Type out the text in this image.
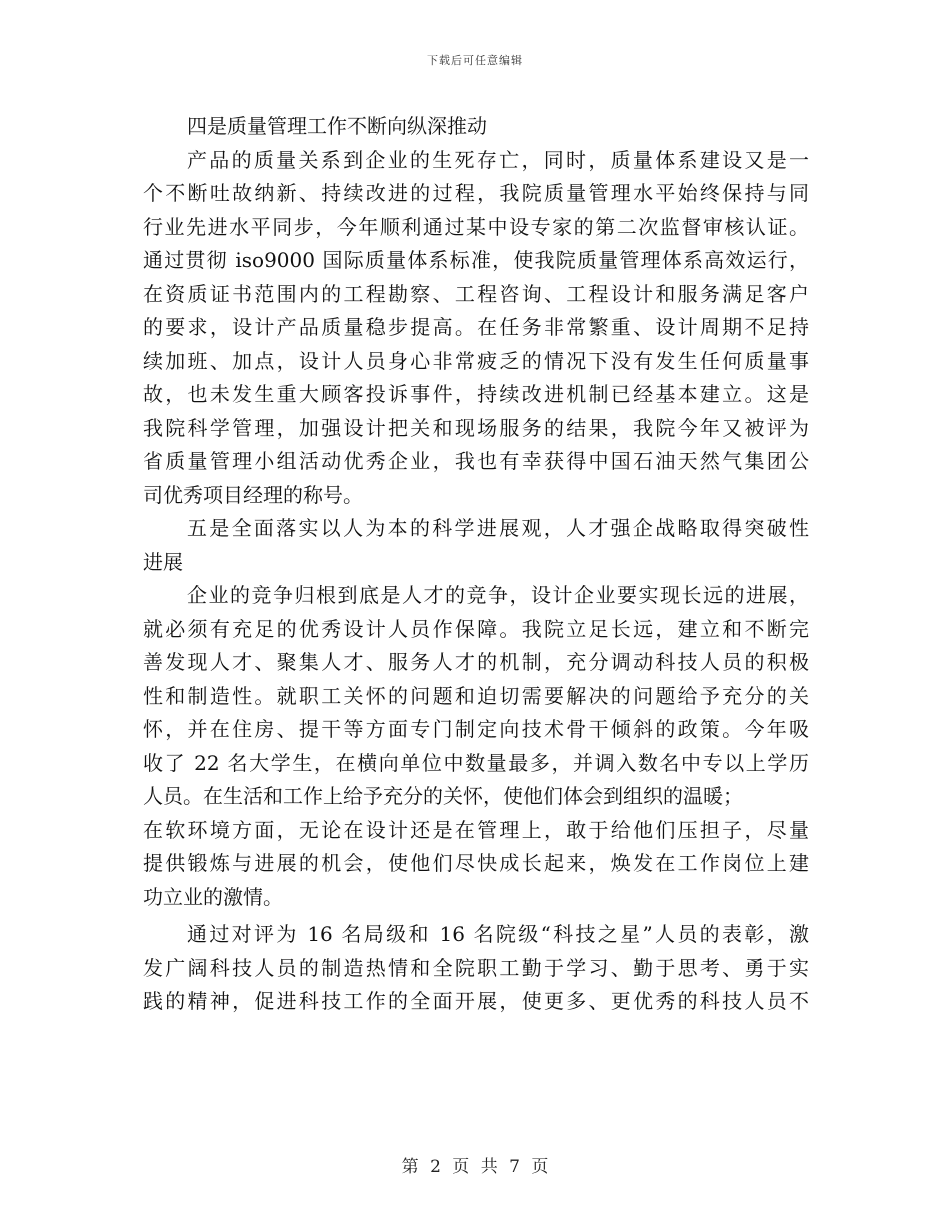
下载后可任意编辑
四是质量管理工作不断向纵深推动
产品的质量关系到企业的生死存亡，同时，质量体系建设又是一
个不断吐故纳新、持续改进的过程，我院质量管理水平始终保持与同
行业先进水平同步，今年顺利通过某中设专家的第二次监督审核认证。
通过贯彻 iso9000 国际质量体系标准，使我院质量管理体系高效运行，
在资质证书范围内的工程勘察、工程咨询、工程设计和服务满足客户
的要求，设计产品质量稳步提高。在任务非常繁重、设计周期不足持
续加班、加点，设计人员身心非常疲乏的情况下没有发生任何质量事
故，也未发生重大顾客投诉事件，持续改进机制已经基本建立。这是
我院科学管理，加强设计把关和现场服务的结果，我院今年又被评为
省质量管理小组活动优秀企业，我也有幸获得中国石油天然气集团公
司优秀项目经理的称号。
五是全面落实以人为本的科学进展观，人才强企战略取得突破性
进展
企业的竞争归根到底是人才的竞争，设计企业要实现长远的进展，
就必须有充足的优秀设计人员作保障。我院立足长远，建立和不断完
善发现人才、聚集人才、服务人才的机制，充分调动科技人员的积极
性和制造性。就职工关怀的问题和迫切需要解决的问题给予充分的关
怀，并在住房、提干等方面专门制定向技术骨干倾斜的政策。今年吸
收了 22 名大学生，在横向单位中数量最多，并调入数名中专以上学历
人员。在生活和工作上给予充分的关怀，使他们体会到组织的温暖；
在软环境方面，无论在设计还是在管理上，敢于给他们压担子，尽量
提供锻炼与进展的机会，使他们尽快成长起来，焕发在工作岗位上建
功立业的激情。
通过对评为 16 名局级和 16 名院级“科技之星”人员的表彰，激
发广阔科技人员的制造热情和全院职工勤于学习、勤于思考、勇于实
践的精神，促进科技工作的全面开展，使更多、更优秀的科技人员不
第 2 页 共 7 页
